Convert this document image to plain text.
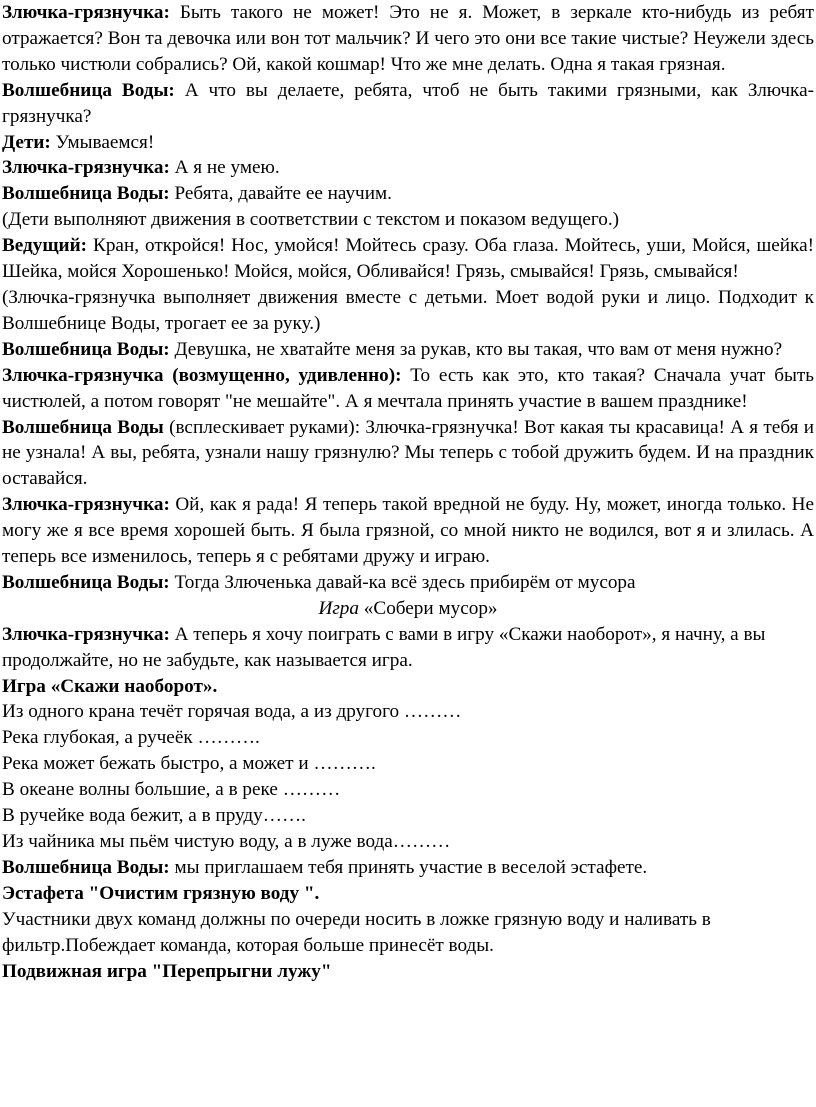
Злючка-грязнучка: Быть такого не может! Это не я. Может, в зеркале кто-нибудь из ребят отражается? Вон та девочка или вон тот мальчик? И чего это они все такие чистые? Неужели здесь только чистюли собрались? Ой, какой кошмар! Что же мне делать. Одна я такая грязная.

Волшебница Воды: А что вы делаете, ребята, чтоб не быть такими грязными, как Злючка-грязнучка?

Дети: Умываемся!

Злючка-грязнучка: А я не умею.

Волшебница Воды: Ребята, давайте ее научим.

(Дети выполняют движения в соответствии с текстом и показом ведущего.)

Ведущий: Кран, откройся! Нос, умойся! Мойтесь сразу. Оба глаза. Мойтесь, уши, Мойся, шейка! Шейка, мойся Хорошенько! Мойся, мойся, Обливайся! Грязь, смывайся! Грязь, смывайся!

(Злючка-грязнучка выполняет движения вместе с детьми. Моет водой руки и лицо. Подходит к Волшебнице Воды, трогает ее за руку.)

Волшебница Воды: Девушка, не хватайте меня за рукав, кто вы такая, что вам от меня нужно?

Злючка-грязнучка (возмущенно, удивленно): То есть как это, кто такая? Сначала учат быть чистюлей, а потом говорят "не мешайте". А я мечтала принять участие в вашем празднике!

Волшебница Воды (всплескивает руками): Злючка-грязнучка! Вот какая ты красавица! А я тебя и не узнала! А вы, ребята, узнали нашу грязнулю? Мы теперь с тобой дружить будем. И на праздник оставайся.

Злючка-грязнучка: Ой, как я рада! Я теперь такой вредной не буду. Ну, может, иногда только. Не могу же я все время хорошей быть. Я была грязной, со мной никто не водился, вот я и злилась. А теперь все изменилось, теперь я с ребятами дружу и играю.

Волшебница Воды: Тогда Злюченька давай-ка всё здесь прибирём от мусора

Игра «Собери мусор»

Злючка-грязнучка: А теперь я хочу поиграть с вами в игру «Скажи наоборот», я начну, а вы продолжайте, но не забудьте, как называется игра.

Игра «Скажи наоборот».

Из одного крана течёт горячая вода, а из другого ………

Река глубокая, а ручеёк ……….

Река может бежать быстро, а может и ……….

В океане волны большие, а в реке ………

В ручейке вода бежит, а в пруду…….

Из чайника мы пьём чистую воду, а в луже вода………

Волшебница Воды: мы приглашаем тебя принять участие в веселой эстафете.

Эстафета "Очистим грязную воду ".

Участники двух команд должны по очереди носить в ложке грязную воду и наливать в фильтр.Побеждает команда, которая больше принесёт воды.

Подвижная игра "Перепрыгни лужу"
